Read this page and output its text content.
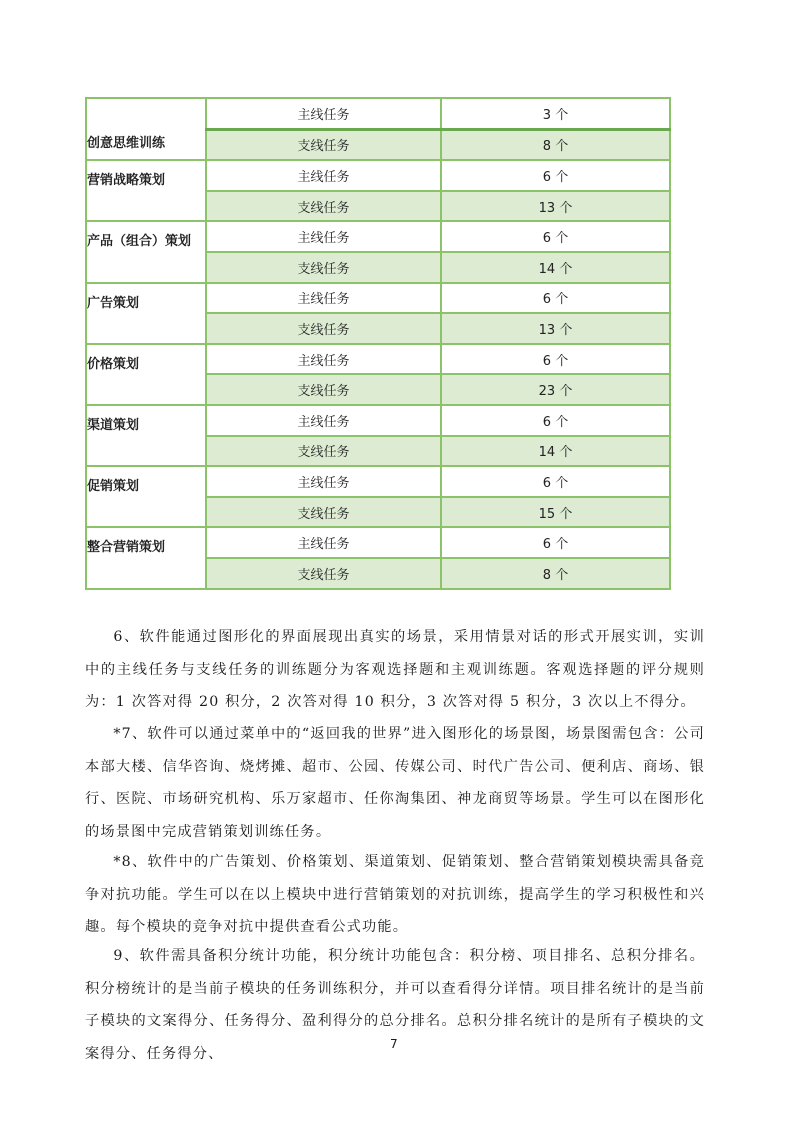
创意思维训练	主线任务	3 个
	支线任务	8 个
营销战略策划	主线任务	6 个
	支线任务	13 个
产品（组合）策划	主线任务	6 个
	支线任务	14 个
广告策划	主线任务	6 个
	支线任务	13 个
价格策划	主线任务	6 个
	支线任务	23 个
渠道策划	主线任务	6 个
	支线任务	14 个
促销策划	主线任务	6 个
	支线任务	15 个
整合营销策划	主线任务	6 个
	支线任务	8 个
6、软件能通过图形化的界面展现出真实的场景，采用情景对话的形式开展实训，实训中的主线任务与支线任务的训练题分为客观选择题和主观训练题。客观选择题的评分规则为：1 次答对得 20 积分，2 次答对得 10 积分，3 次答对得 5 积分，3 次以上不得分。
*7、软件可以通过菜单中的“返回我的世界”进入图形化的场景图，场景图需包含：公司本部大楼、信华咨询、烧烤摊、超市、公园、传媒公司、时代广告公司、便利店、商场、银行、医院、市场研究机构、乐万家超市、任你淘集团、神龙商贸等场景。学生可以在图形化的场景图中完成营销策划训练任务。
*8、软件中的广告策划、价格策划、渠道策划、促销策划、整合营销策划模块需具备竞争对抗功能。学生可以在以上模块中进行营销策划的对抗训练，提高学生的学习积极性和兴趣。每个模块的竞争对抗中提供查看公式功能。
9、软件需具备积分统计功能，积分统计功能包含：积分榜、项目排名、总积分排名。积分榜统计的是当前子模块的任务训练积分，并可以查看得分详情。项目排名统计的是当前子模块的文案得分、任务得分、盈利得分的总分排名。总积分排名统计的是所有子模块的文案得分、任务得分、
7
